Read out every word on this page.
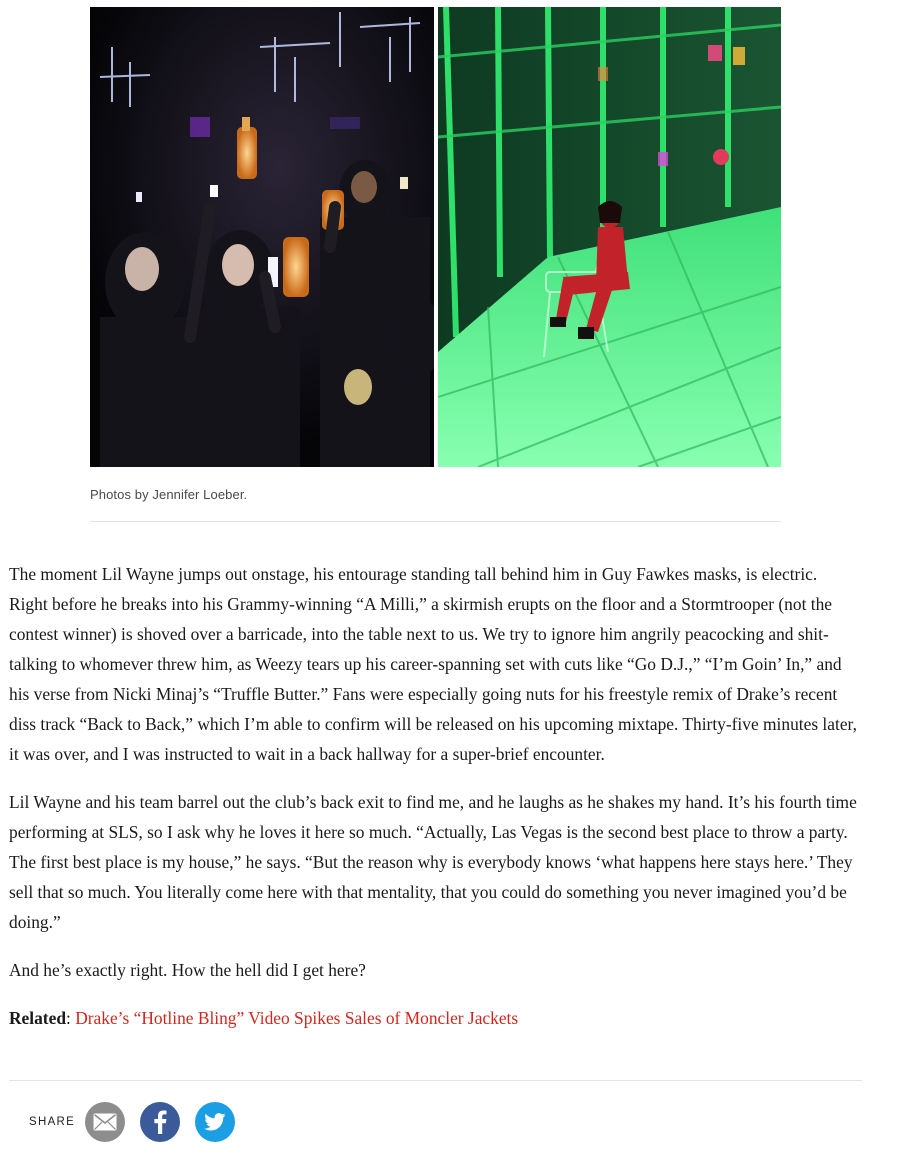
Photos by Jennifer Loeber.

The moment Lil Wayne jumps out onstage, his entourage standing tall behind him in Guy Fawkes masks, is electric. Right before he breaks into his Grammy-winning “A Milli,” a skirmish erupts on the floor and a Stormtrooper (not the contest winner) is shoved over a barricade, into the table next to us. We try to ignore him angrily peacocking and shit-talking to whomever threw him, as Weezy tears up his career-spanning set with cuts like “Go D.J.,” “I’m Goin’ In,” and his verse from Nicki Minaj’s “Truffle Butter.” Fans were especially going nuts for his freestyle remix of Drake’s recent diss track “Back to Back,” which I’m able to confirm will be released on his upcoming mixtape. Thirty-five minutes later, it was over, and I was instructed to wait in a back hallway for a super-brief encounter.

Lil Wayne and his team barrel out the club’s back exit to find me, and he laughs as he shakes my hand. It’s his fourth time performing at SLS, so I ask why he loves it here so much. “Actually, Las Vegas is the second best place to throw a party. The first best place is my house,” he says. “But the reason why is everybody knows ‘what happens here stays here.’ They sell that so much. You literally come here with that mentality, that you could do something you never imagined you’d be doing.”

And he’s exactly right. How the hell did I get here?

Related: Drake’s “Hotline Bling” Video Spikes Sales of Moncler Jackets

SHARE
